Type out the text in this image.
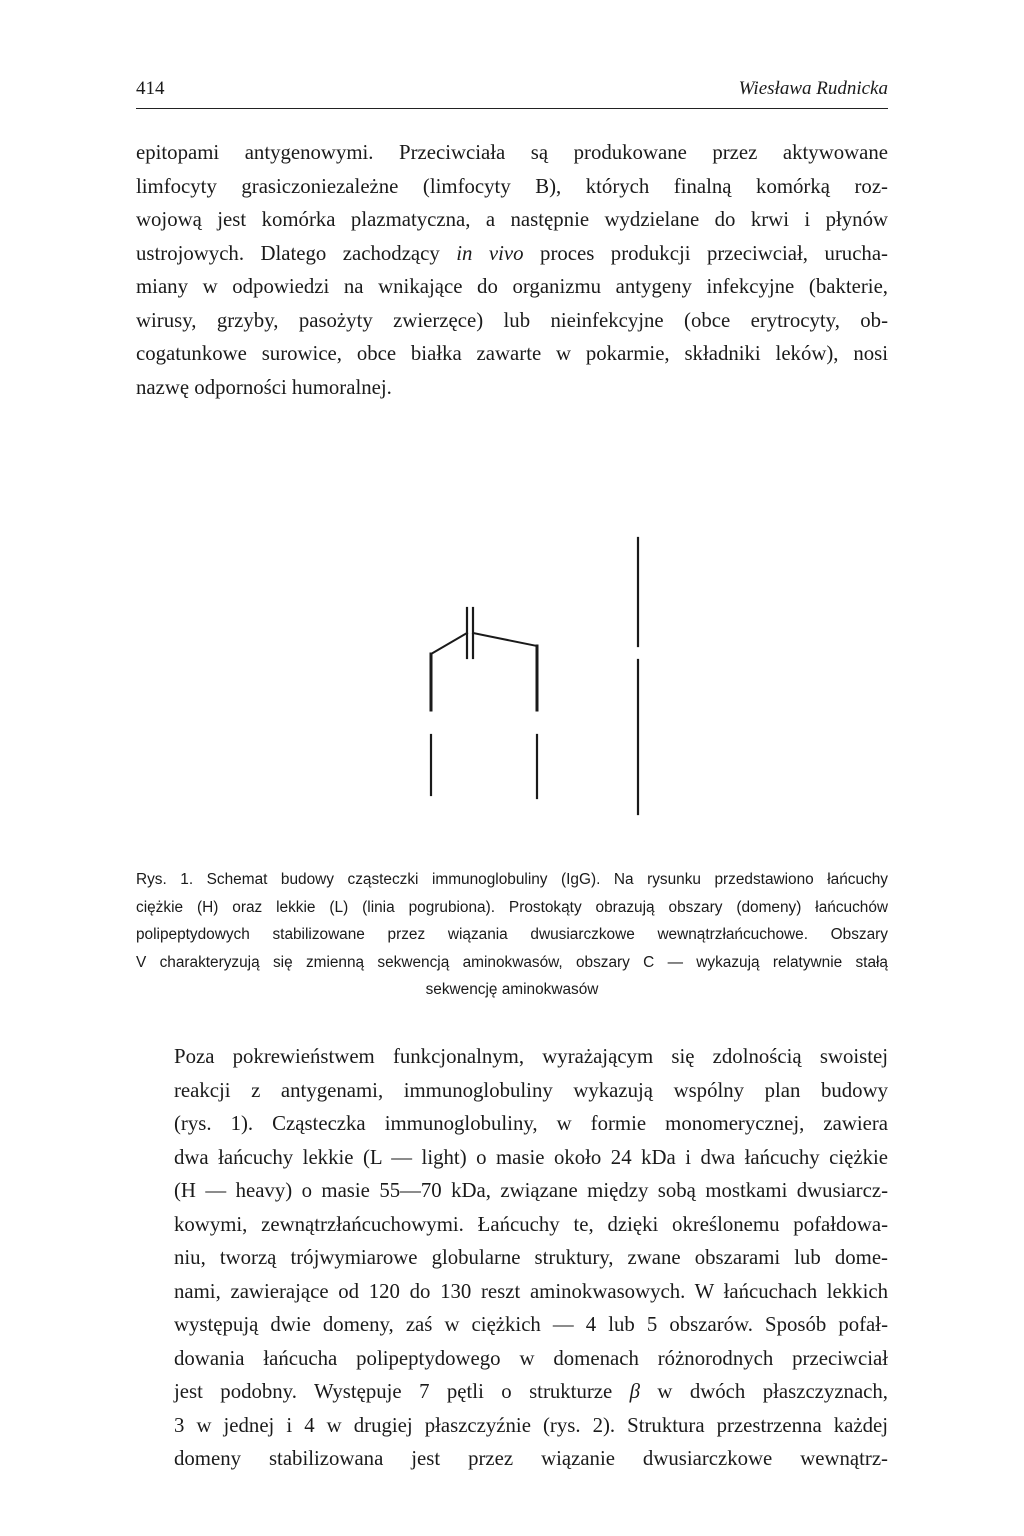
414	Wiesława Rudnicka

epitopami antygenowymi. Przeciwciała są produkowane przez aktywowane
limfocyty grasiczoniezależne (limfocyty B), których finalną komórką roz-
wojową jest komórka plazmatyczna, a następnie wydzielane do krwi i płynów
ustrojowych. Dlatego zachodzący in vivo proces produkcji przeciwciał, urucha-
miany w odpowiedzi na wnikające do organizmu antygeny infekcyjne (bakterie,
wirusy, grzyby, pasożyty zwierzęce) lub nieinfekcyjne (obce erytrocyty, ob-
cogatunkowe surowice, obce białka zawarte w pokarmie, składniki leków), nosi
nazwę odporności humoralnej.

Rys. 1. Schemat budowy cząsteczki immunoglobuliny (IgG). Na rysunku przedstawiono łańcuchy
ciężkie (H) oraz lekkie (L) (linia pogrubiona). Prostokąty obrazują obszary (domeny) łańcuchów
polipeptydowych stabilizowane przez wiązania dwusiarczkowe wewnątrzłańcuchowe. Obszary
V charakteryzują się zmienną sekwencją aminokwasów, obszary C — wykazują relatywnie stałą
sekwencję aminokwasów

Poza pokrewieństwem funkcjonalnym, wyrażającym się zdolnością swoistej
reakcji z antygenami, immunoglobuliny wykazują wspólny plan budowy
(rys. 1). Cząsteczka immunoglobuliny, w formie monomerycznej, zawiera
dwa łańcuchy lekkie (L — light) o masie około 24 kDa i dwa łańcuchy ciężkie
(H — heavy) o masie 55—70 kDa, związane między sobą mostkami dwusiarcz-
kowymi, zewnątrzłańcuchowymi. Łańcuchy te, dzięki określonemu pofałdowa-
niu, tworzą trójwymiarowe globularne struktury, zwane obszarami lub dome-
nami, zawierające od 120 do 130 reszt aminokwasowych. W łańcuchach lekkich
występują dwie domeny, zaś w ciężkich — 4 lub 5 obszarów. Sposób pofał-
dowania łańcucha polipeptydowego w domenach różnorodnych przeciwciał
jest podobny. Występuje 7 pętli o strukturze β w dwóch płaszczyznach,
3 w jednej i 4 w drugiej płaszczyźnie (rys. 2). Struktura przestrzenna każdej
domeny stabilizowana jest przez wiązanie dwusiarczkowe wewnątrz-
